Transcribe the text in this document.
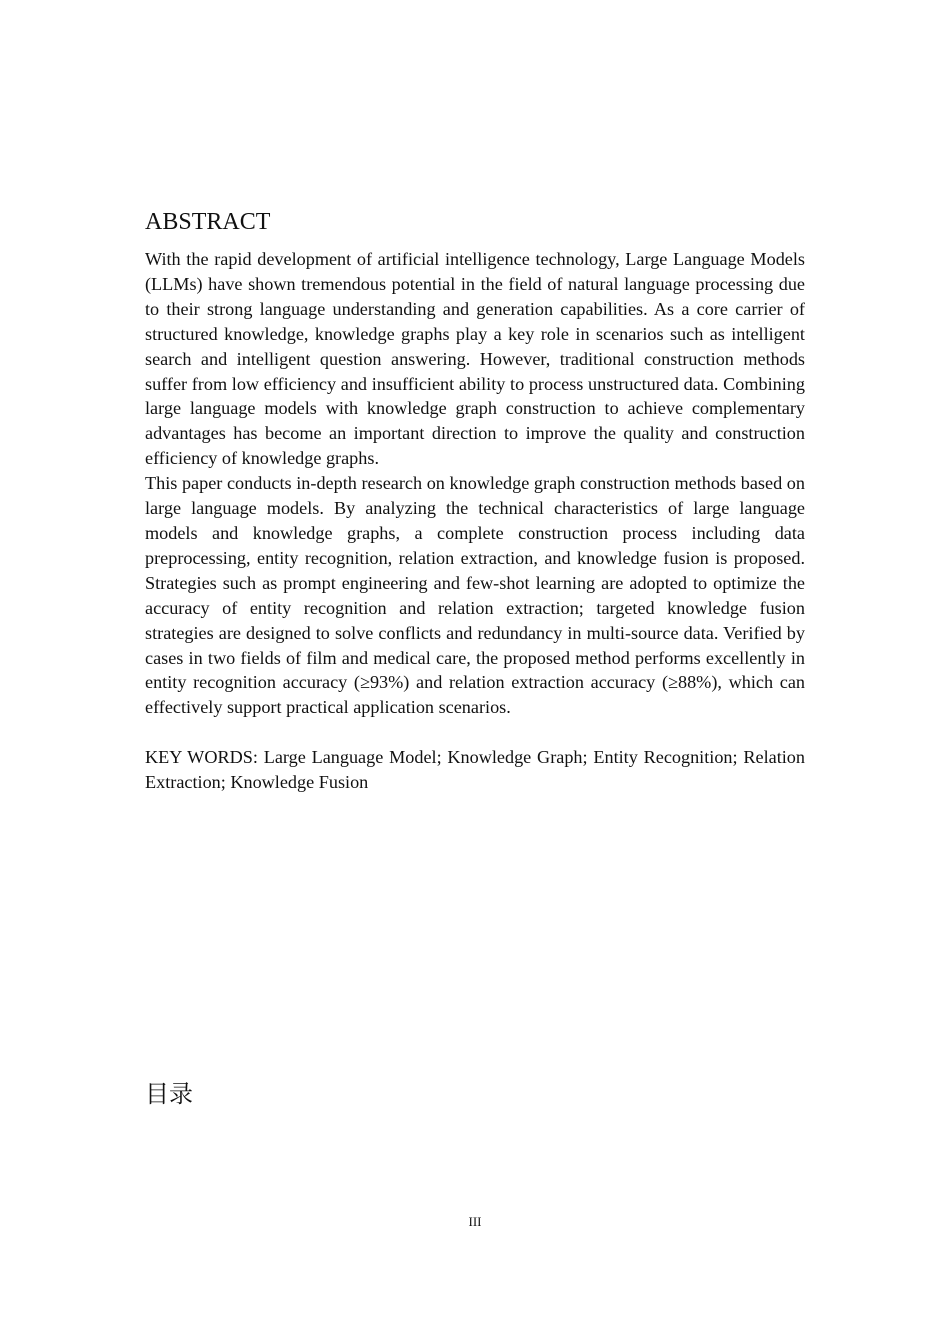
ABSTRACT

With the rapid development of artificial intelligence technology, Large Language Models (LLMs) have shown tremendous potential in the field of natural language processing due to their strong language understanding and generation capabilities. As a core carrier of structured knowledge, knowledge graphs play a key role in scenarios such as intelligent search and intelligent question answering. However, traditional construction methods suffer from low efficiency and insufficient ability to process unstructured data. Combining large language models with knowledge graph construction to achieve complementary advantages has become an important direction to improve the quality and construction efficiency of knowledge graphs.

This paper conducts in-depth research on knowledge graph construction methods based on large language models. By analyzing the technical characteristics of large language models and knowledge graphs, a complete construction process including data preprocessing, entity recognition, relation extraction, and knowledge fusion is proposed. Strategies such as prompt engineering and few-shot learning are adopted to optimize the accuracy of entity recognition and relation extraction; targeted knowledge fusion strategies are designed to solve conflicts and redundancy in multi-source data. Verified by cases in two fields of film and medical care, the proposed method performs excellently in entity recognition accuracy (≥93%) and relation extraction accuracy (≥88%), which can effectively support practical application scenarios.

KEY WORDS: Large Language Model; Knowledge Graph; Entity Recognition; Relation Extraction; Knowledge Fusion

目录
III
